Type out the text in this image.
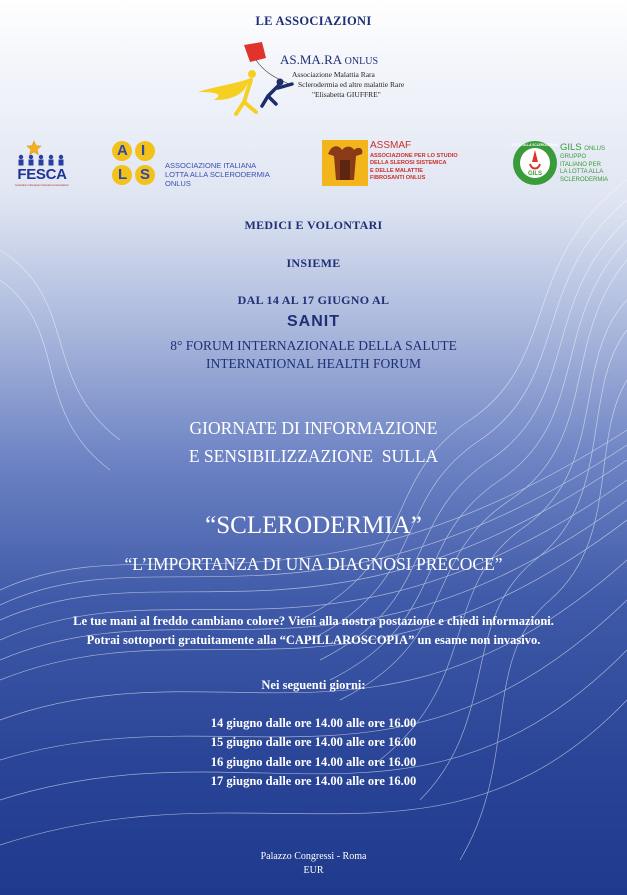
LE ASSOCIAZIONI
AS.MA.RA ONLUS
Associazione Malattia Rara
Sclerodermia ed altre malattie Rare
"Elisabetta GIUFFRE"
FESCA
Federation of European Scleroderma Associations
A I
L S
ASSOCIAZIONE ITALIANA
LOTTA ALLA SCLERODERMIA
ONLUS
ASSMAF
ASSOCIAZIONE PER LO STUDIO
DELLA SLEROSI SISTEMICA
E DELLE MALATTIE
FIBROSANTI ONLUS
LOTTA ALLA SCLERODERMIA
GILS
GILS ONLUS
GRUPPO
ITALIANO PER
LA LOTTA ALLA
SCLERODERMIA
MEDICI E VOLONTARI
INSIEME
DAL 14 AL 17 GIUGNO AL
SANIT
8° FORUM INTERNAZIONALE DELLA SALUTE
INTERNATIONAL HEALTH FORUM
GIORNATE DI INFORMAZIONE
E SENSIBILIZZAZIONE  SULLA
“SCLERODERMIA”
“L’IMPORTANZA DI UNA DIAGNOSI PRECOCE”
Le tue mani al freddo cambiano colore? Vieni alla nostra postazione e chiedi informazioni.
Potrai sottoporti gratuitamente alla “CAPILLAROSCOPIA” un esame non invasivo.
Nei seguenti giorni:
14 giugno dalle ore 14.00 alle ore 16.00
15 giugno dalle ore 14.00 alle ore 16.00
16 giugno dalle ore 14.00 alle ore 16.00
17 giugno dalle ore 14.00 alle ore 16.00
Palazzo Congressi - Roma
EUR
